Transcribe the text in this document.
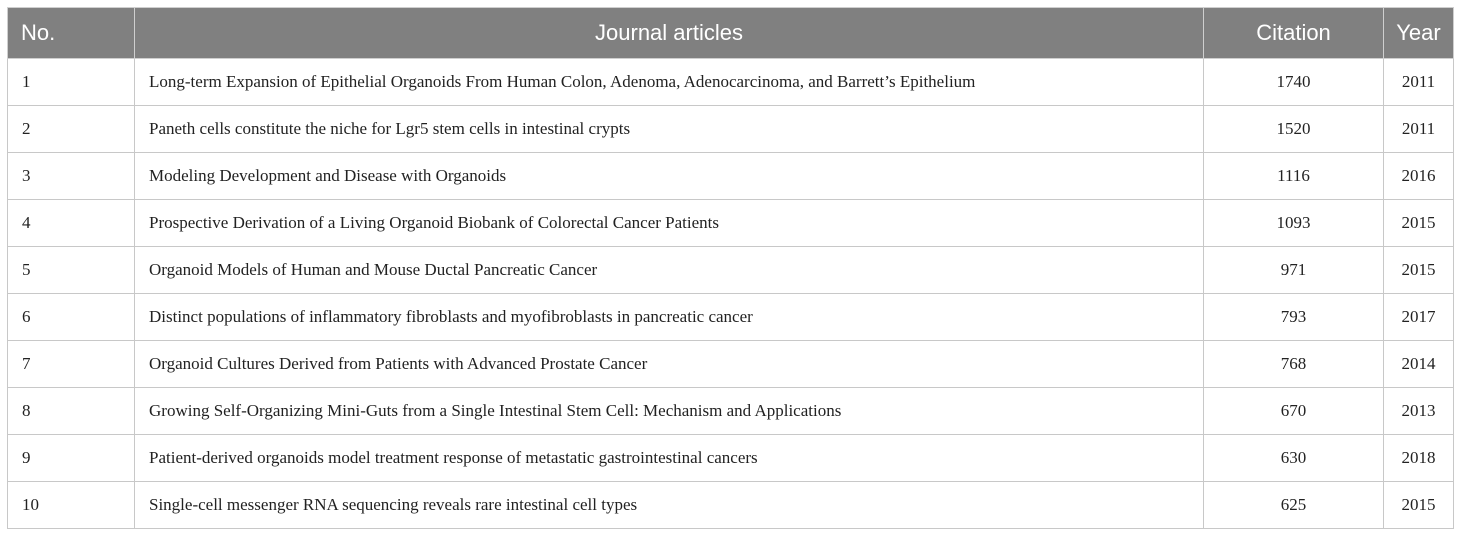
No.	Journal articles	Citation	Year
1	Long-term Expansion of Epithelial Organoids From Human Colon, Adenoma, Adenocarcinoma, and Barrett’s Epithelium	1740	2011
2	Paneth cells constitute the niche for Lgr5 stem cells in intestinal crypts	1520	2011
3	Modeling Development and Disease with Organoids	1116	2016
4	Prospective Derivation of a Living Organoid Biobank of Colorectal Cancer Patients	1093	2015
5	Organoid Models of Human and Mouse Ductal Pancreatic Cancer	971	2015
6	Distinct populations of inflammatory fibroblasts and myofibroblasts in pancreatic cancer	793	2017
7	Organoid Cultures Derived from Patients with Advanced Prostate Cancer	768	2014
8	Growing Self-Organizing Mini-Guts from a Single Intestinal Stem Cell: Mechanism and Applications	670	2013
9	Patient-derived organoids model treatment response of metastatic gastrointestinal cancers	630	2018
10	Single-cell messenger RNA sequencing reveals rare intestinal cell types	625	2015
